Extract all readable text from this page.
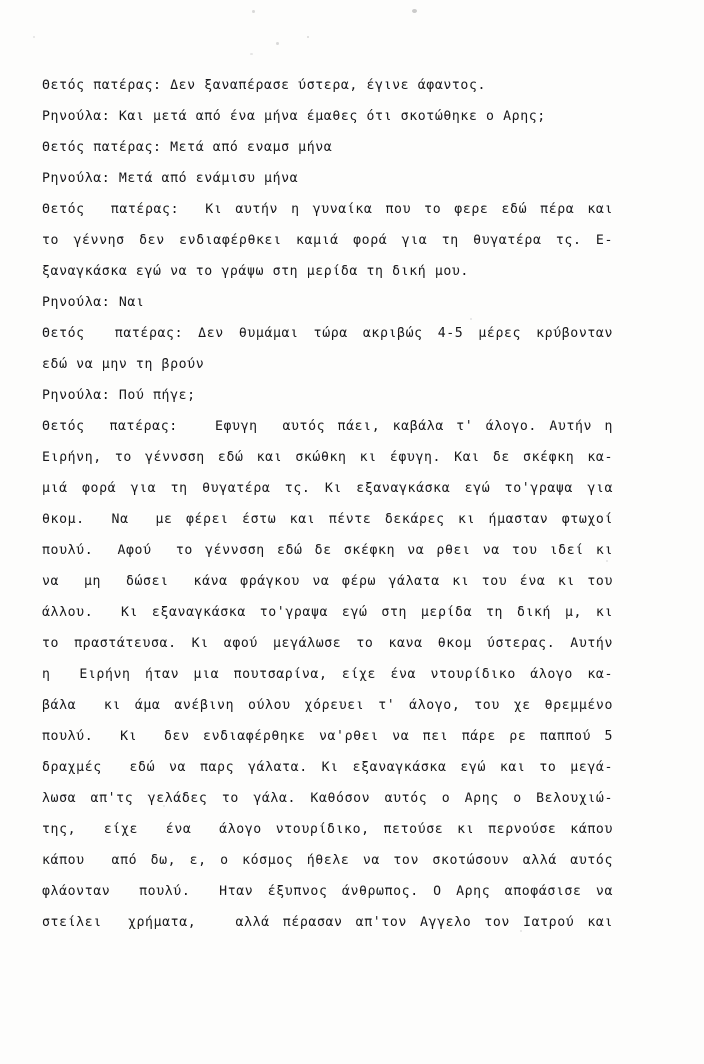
Θετός πατέρας: Δεν ξαναπέρασε ύστερα, έγινε άφαντος.
Ρηνούλα: Και μετά από ένα μήνα έμαθες ότι σκοτώθηκε ο Αρης;
Θετός πατέρας: Μετά από εναμσ μήνα
Ρηνούλα: Μετά από ενάμισυ μήνα
Θετός  πατέρας:  Κι αυτήν η γυναίκα που το φερε εδώ πέρα και
το γέννησ δεν ενδιαφέρθκει καμιά φορά για τη θυγατέρα τς. Ε-
ξαναγκάσκα εγώ να το γράψω στη μερίδα τη δική μου.
Ρηνούλα: Ναι
Θετός  πατέρας: Δεν θυμάμαι τώρα ακριβώς 4-5 μέρες κρύβονταν
εδώ να μην τη βρούν
Ρηνούλα: Πού πήγε;
Θετός  πατέρας:   Εφυγη  αυτός πάει, καβάλα τ' άλογο. Αυτήν η
Ειρήνη, το γέννσση εδώ και σκώθκη κι έφυγη. Και δε σκέφκη κα-
μιά φορά για τη θυγατέρα τς. Κι εξαναγκάσκα εγώ το'γραψα για
θκομ.  Να  με φέρει έστω και πέντε δεκάρες κι ήμασταν φτωχοί
πουλύ.  Αφού  το γέννσση εδώ δε σκέφκη να ρθει να του ιδεί κι
να  μη  δώσει  κάνα φράγκου να φέρω γάλατα κι του ένα κι του
άλλου.  Κι εξαναγκάσκα το'γραψα εγώ στη μερίδα τη δική μ, κι
το πραστάτευσα. Κι αφού μεγάλωσε το κανα θκομ ύστερας. Αυτήν
η  Ειρήνη ήταν μια πουτσαρίνα, είχε ένα ντουρίδικο άλογο κα-
βάλα  κι άμα ανέβινη ούλου χόρευει τ' άλογο, του χε θρεμμένο
πουλύ.  Κι  δεν ενδιαφέρθηκε να'ρθει να πει πάρε ρε παππού 5
δραχμές  εδώ να παρς γάλατα. Κι εξαναγκάσκα εγώ και το μεγά-
λωσα απ'τς γελάδες το γάλα. Καθόσον αυτός ο Αρης ο Βελουχιώ-
της,  είχε  ένα  άλογο ντουρίδικο, πετούσε κι περνούσε κάπου
κάπου  από δω, ε, ο κόσμος ήθελε να τον σκοτώσουν αλλά αυτός
φλάονταν  πουλύ.  Ηταν έξυπνος άνθρωπος. Ο Αρης αποφάσισε να
στείλει  χρήματα,   αλλά πέρασαν απ'τον Αγγελο τον Ιατρού και
